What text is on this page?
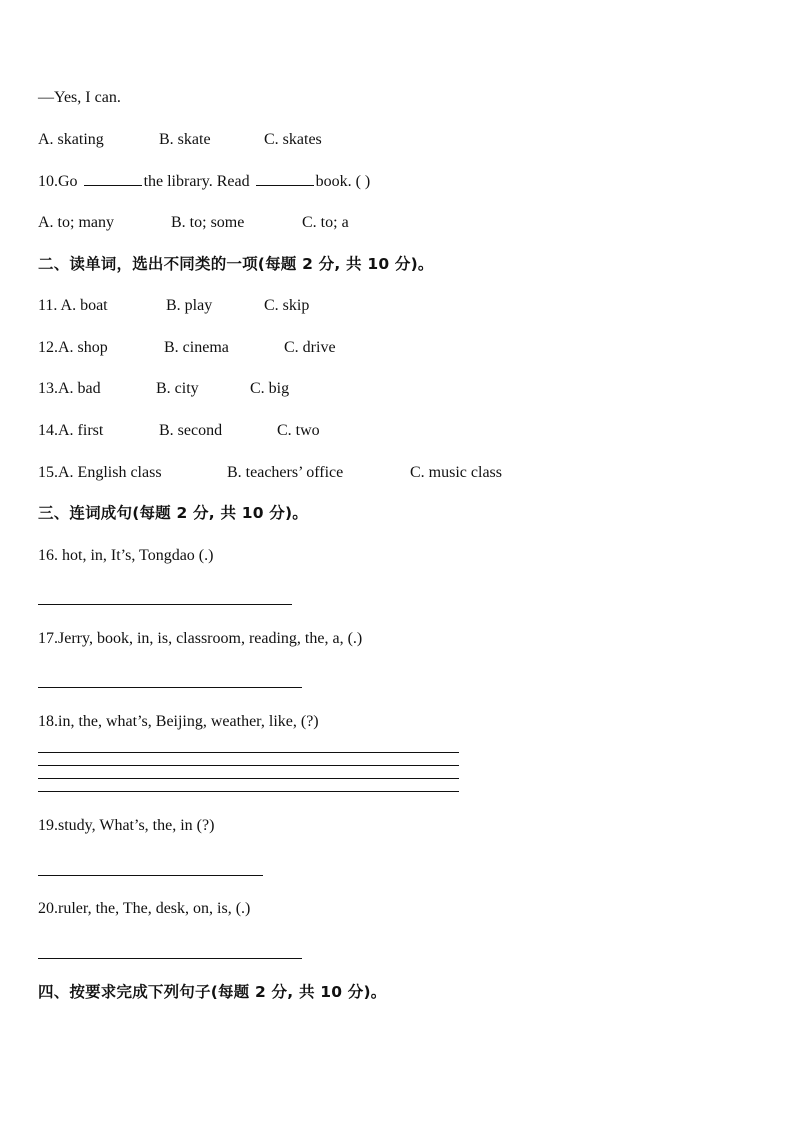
—Yes, I can.
A. skating	B. skate	C. skates
10.Go	the library. Read	book. ( )
A. to; many	B. to; some	C. to; a
二、读单词，选出不同类的一项(每题 2 分, 共 10 分)。
11. A. boat	B. play	C. skip
12.A. shop	B. cinema	C. drive
13.A. bad	B. city	C. big
14.A. first	B. second	C. two
15.A. English class	B. teachers’ office	C. music class
三、连词成句(每题 2 分, 共 10 分)。
16. hot, in, It’s, Tongdao (.)
17.Jerry, book, in, is, classroom, reading, the, a, (.)
18.in, the, what’s, Beijing, weather, like, (?)
19.study, What’s, the, in (?)
20.ruler, the, The, desk, on, is, (.)
四、按要求完成下列句子(每题 2 分, 共 10 分)。
